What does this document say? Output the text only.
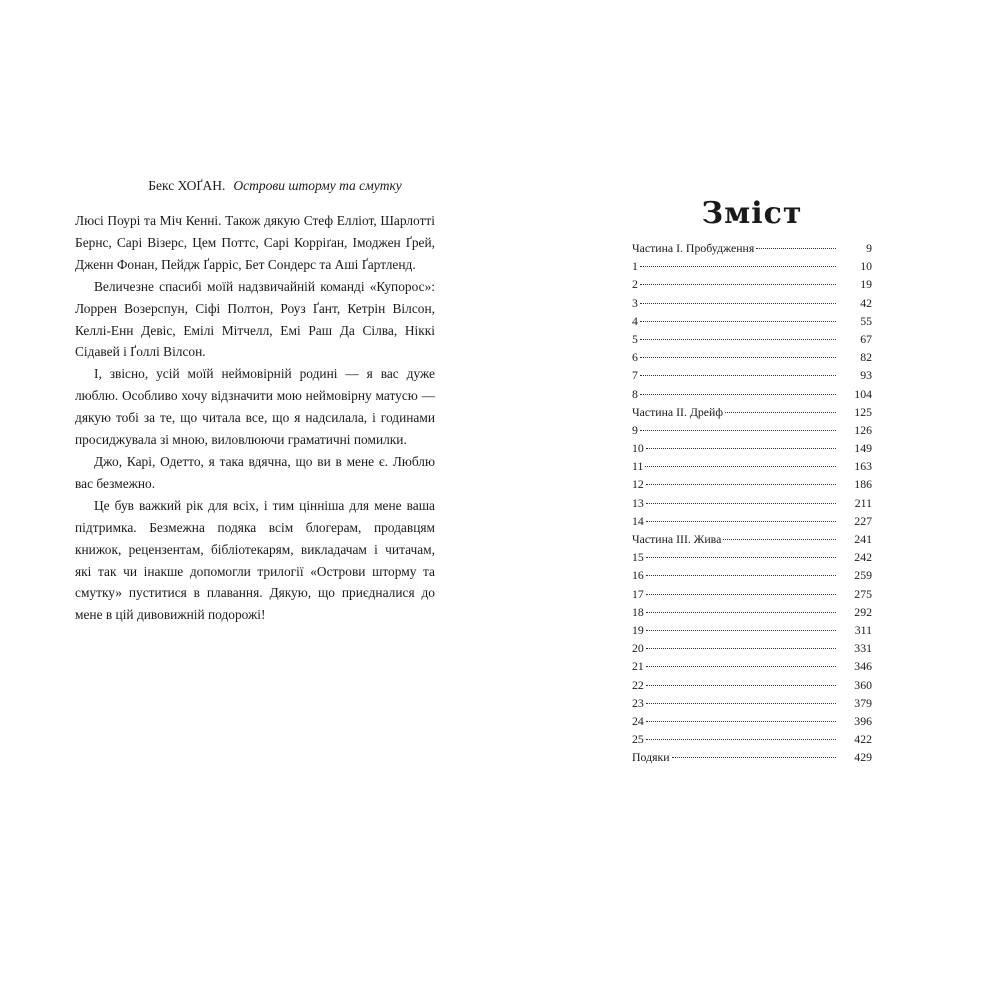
Бекс ХОҐАН. Острови шторму та смутку

Люсі Поурі та Міч Кенні. Також дякую Стеф Елліот, Шарлотті Бернс, Сарі Візерс, Цем Поттс, Сарі Корріґан, Імоджен Ґрей, Дженн Фонан, Пейдж Ґарріс, Бет Сондерс та Аші Ґартленд.

Величезне спасибі моїй надзвичайній команді «Купорос»: Лоррен Возерспун, Сіфі Полтон, Роуз Ґант, Кетрін Вілсон, Келлі-Енн Девіс, Емілі Мітчелл, Емі Раш Да Сілва, Ніккі Сідавей і Ґоллі Вілсон.

І, звісно, усій моїй неймовірній родині — я вас дуже люблю. Особливо хочу відзначити мою неймовірну матусю — дякую тобі за те, що читала все, що я надсилала, і годинами просиджувала зі мною, виловлюючи граматичні помилки.

Джо, Карі, Одетто, я така вдячна, що ви в мене є. Люблю вас безмежно.

Це був важкий рік для всіх, і тим цінніша для мене ваша підтримка. Безмежна подяка всім блогерам, продавцям книжок, рецензентам, бібліотекарям, викладачам і читачам, які так чи інакше допомогли трилогії «Острови шторму та смутку» пуститися в плавання. Дякую, що приєдналися до мене в цій дивовижній подорожі!

Зміст
Частина І. Пробудження	9
1	10
2	19
3	42
4	55
5	67
6	82
7	93
8	104
Частина ІІ. Дрейф	125
9	126
10	149
11	163
12	186
13	211
14	227
Частина ІІІ. Жива	241
15	242
16	259
17	275
18	292
19	311
20	331
21	346
22	360
23	379
24	396
25	422
Подяки	429
